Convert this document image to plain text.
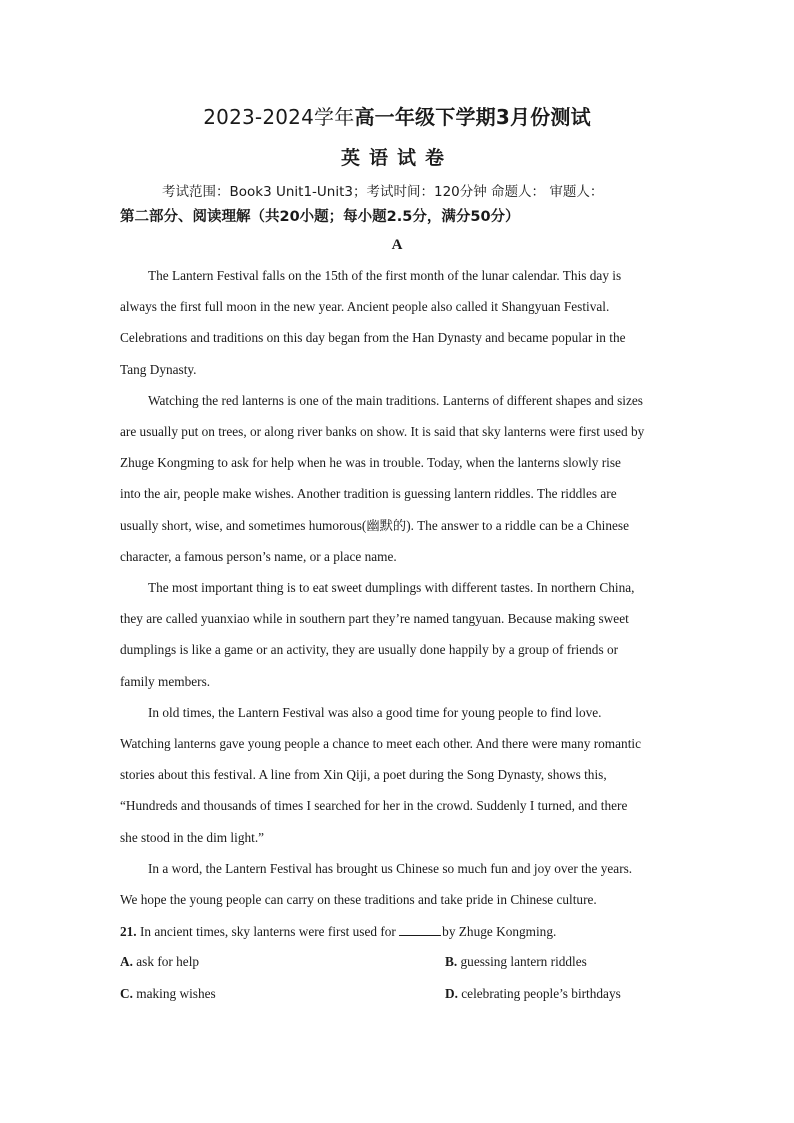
2023-2024学年高一年级下学期3月份测试
英语试卷
考试范围：Book3 Unit1-Unit3；考试时间：120分钟 命题人： 审题人：
第二部分、阅读理解（共20小题；每小题2.5分，满分50分）
A
The Lantern Festival falls on the 15th of the first month of the lunar calendar. This day is
always the first full moon in the new year. Ancient people also called it Shangyuan Festival.
Celebrations and traditions on this day began from the Han Dynasty and became popular in the
Tang Dynasty.
Watching the red lanterns is one of the main traditions. Lanterns of different shapes and sizes
are usually put on trees, or along river banks on show. It is said that sky lanterns were first used by
Zhuge Kongming to ask for help when he was in trouble. Today, when the lanterns slowly rise
into the air, people make wishes. Another tradition is guessing lantern riddles. The riddles are
usually short, wise, and sometimes humorous(幽默的). The answer to a riddle can be a Chinese
character, a famous person’s name, or a place name.
The most important thing is to eat sweet dumplings with different tastes. In northern China,
they are called yuanxiao while in southern part they’re named tangyuan. Because making sweet
dumplings is like a game or an activity, they are usually done happily by a group of friends or
family members.
In old times, the Lantern Festival was also a good time for young people to find love.
Watching lanterns gave young people a chance to meet each other. And there were many romantic
stories about this festival. A line from Xin Qiji, a poet during the Song Dynasty, shows this,
“Hundreds and thousands of times I searched for her in the crowd. Suddenly I turned, and there
she stood in the dim light.”
In a word, the Lantern Festival has brought us Chinese so much fun and joy over the years.
We hope the young people can carry on these traditions and take pride in Chinese culture.
21. In ancient times, sky lanterns were first used for	by Zhuge Kongming.
A. ask for help	B. guessing lantern riddles
C. making wishes	D. celebrating people’s birthdays
